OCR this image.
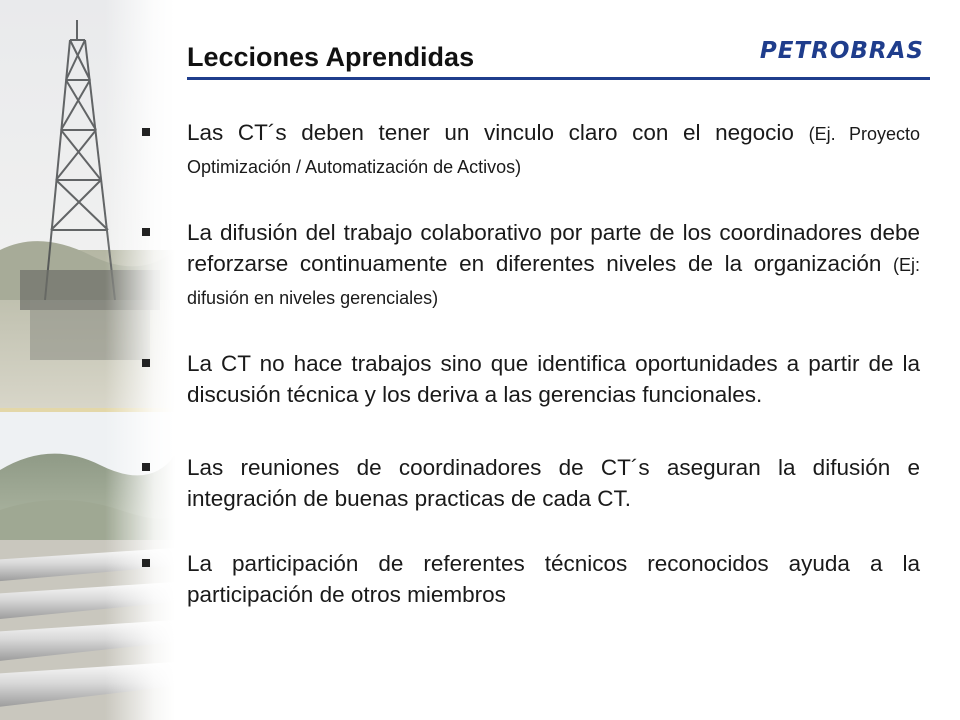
Lecciones Aprendidas	PETROBRAS
Las CT´s deben tener un vinculo claro con el negocio (Ej. Proyecto Optimización / Automatización de Activos)
La difusión del trabajo colaborativo por parte de los coordinadores debe reforzarse continuamente en diferentes niveles de la organización (Ej: difusión en niveles gerenciales)
La CT no hace trabajos sino que identifica oportunidades a partir de la discusión técnica y los deriva a las gerencias funcionales.
Las reuniones de coordinadores de CT´s aseguran la difusión e integración de buenas practicas de cada CT.
La participación de referentes técnicos reconocidos ayuda a la participación de otros miembros
